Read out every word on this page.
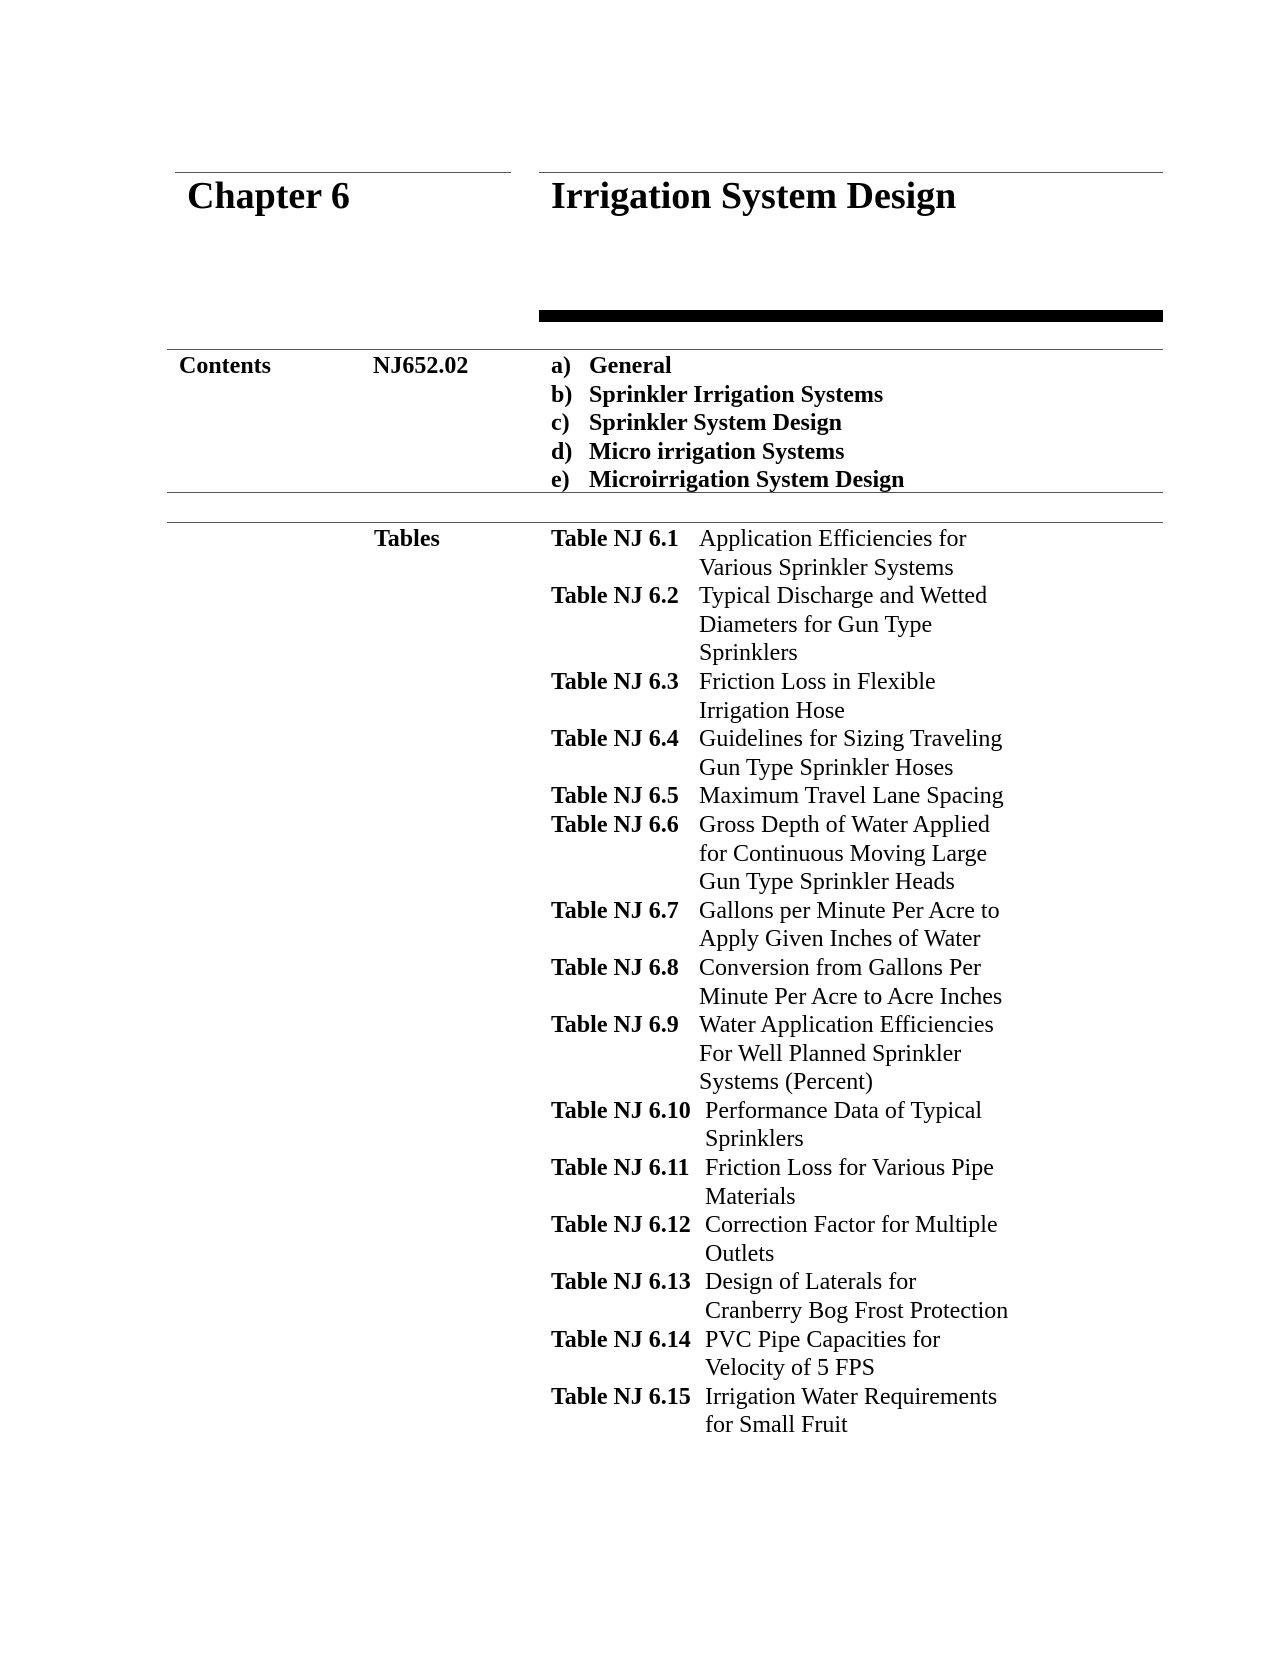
Chapter 6	Irrigation System Design
Contents	NJ652.02	a) General
b) Sprinkler Irrigation Systems
c) Sprinkler System Design
d) Micro irrigation Systems
e) Microirrigation System Design
Tables	Table NJ 6.1 Application Efficiencies for
Various Sprinkler Systems
Table NJ 6.2 Typical Discharge and Wetted
Diameters for Gun Type
Sprinklers
Table NJ 6.3 Friction Loss in Flexible
Irrigation Hose
Table NJ 6.4 Guidelines for Sizing Traveling
Gun Type Sprinkler Hoses
Table NJ 6.5 Maximum Travel Lane Spacing
Table NJ 6.6 Gross Depth of Water Applied
for Continuous Moving Large
Gun Type Sprinkler Heads
Table NJ 6.7 Gallons per Minute Per Acre to
Apply Given Inches of Water
Table NJ 6.8 Conversion from Gallons Per
Minute Per Acre to Acre Inches
Table NJ 6.9 Water Application Efficiencies
For Well Planned Sprinkler
Systems (Percent)
Table NJ 6.10 Performance Data of Typical
Sprinklers
Table NJ 6.11 Friction Loss for Various Pipe
Materials
Table NJ 6.12 Correction Factor for Multiple
Outlets
Table NJ 6.13 Design of Laterals for
Cranberry Bog Frost Protection
Table NJ 6.14 PVC Pipe Capacities for
Velocity of 5 FPS
Table NJ 6.15 Irrigation Water Requirements
for Small Fruit
